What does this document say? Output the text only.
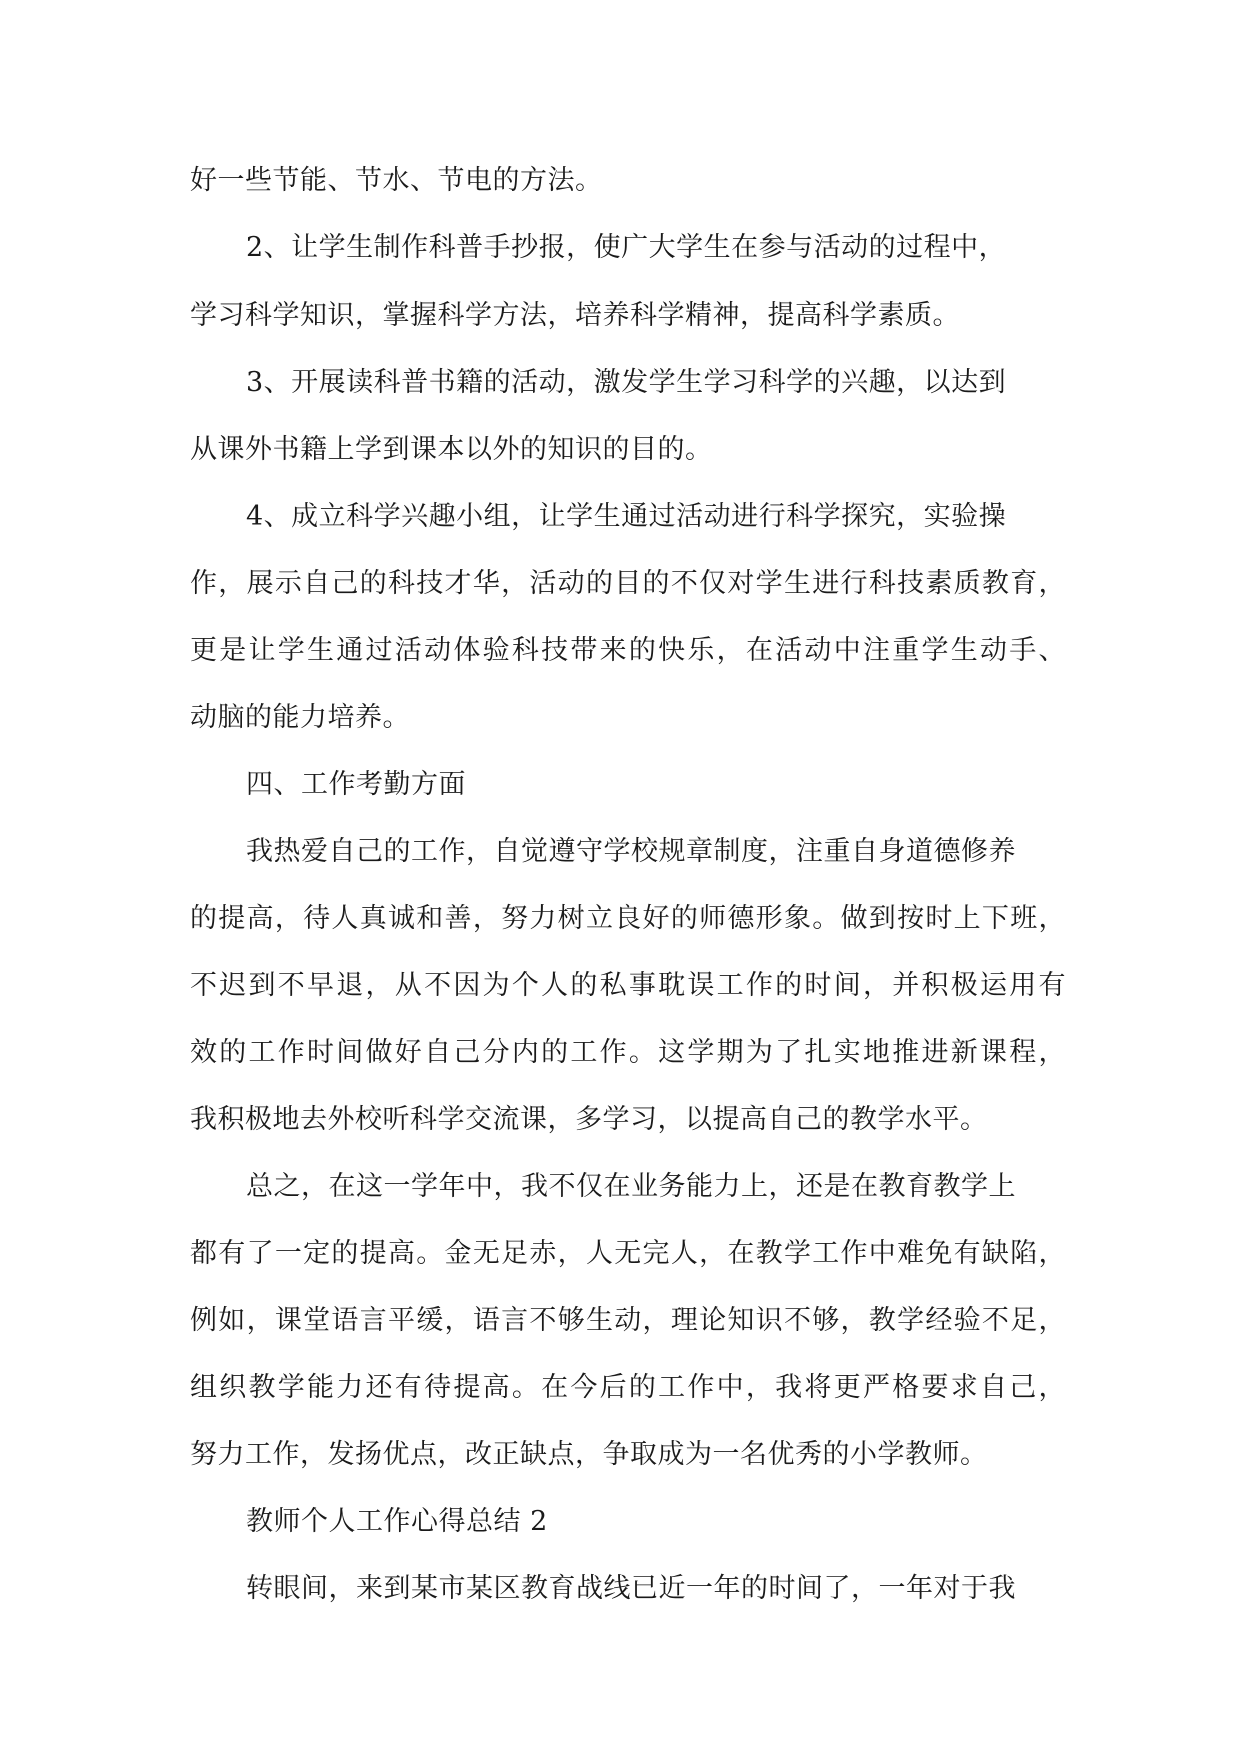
好一些节能、节水、节电的方法。
2、让学生制作科普手抄报，使广大学生在参与活动的过程中，
学习科学知识，掌握科学方法，培养科学精神，提高科学素质。
3、开展读科普书籍的活动，激发学生学习科学的兴趣，以达到
从课外书籍上学到课本以外的知识的目的。
4、成立科学兴趣小组，让学生通过活动进行科学探究，实验操
作，展示自己的科技才华，活动的目的不仅对学生进行科技素质教育，
更是让学生通过活动体验科技带来的快乐，在活动中注重学生动手、
动脑的能力培养。
四、工作考勤方面
我热爱自己的工作，自觉遵守学校规章制度，注重自身道德修养
的提高，待人真诚和善，努力树立良好的师德形象。做到按时上下班，
不迟到不早退，从不因为个人的私事耽误工作的时间，并积极运用有
效的工作时间做好自己分内的工作。这学期为了扎实地推进新课程，
我积极地去外校听科学交流课，多学习，以提高自己的教学水平。
总之，在这一学年中，我不仅在业务能力上，还是在教育教学上
都有了一定的提高。金无足赤，人无完人，在教学工作中难免有缺陷，
例如，课堂语言平缓，语言不够生动，理论知识不够，教学经验不足，
组织教学能力还有待提高。在今后的工作中，我将更严格要求自己，
努力工作，发扬优点，改正缺点，争取成为一名优秀的小学教师。
教师个人工作心得总结 2
转眼间，来到某市某区教育战线已近一年的时间了，一年对于我
